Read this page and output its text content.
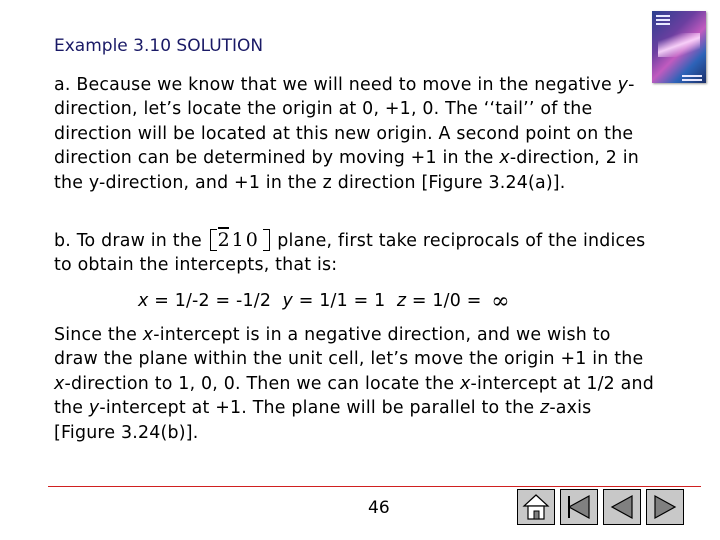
Example 3.10 SOLUTION
a. Because we know that we will need to move in the negative y-direction, let’s locate the origin at 0, +1, 0. The ‘‘tail’’ of the direction will be located at this new origin. A second point on the direction can be determined by moving +1 in the x-direction, 2 in the y-direction, and +1 in the z direction [Figure 3.24(a)].
b. To draw in the 210 plane, first take reciprocals of the indices to obtain the intercepts, that is:
x = 1/-2 = -1/2  y = 1/1 = 1  z = 1/0 = ∞
Since the x-intercept is in a negative direction, and we wish to draw the plane within the unit cell, let’s move the origin +1 in the x-direction to 1, 0, 0. Then we can locate the x-intercept at 1/2 and the y-intercept at +1. The plane will be parallel to the z-axis [Figure 3.24(b)].
46
